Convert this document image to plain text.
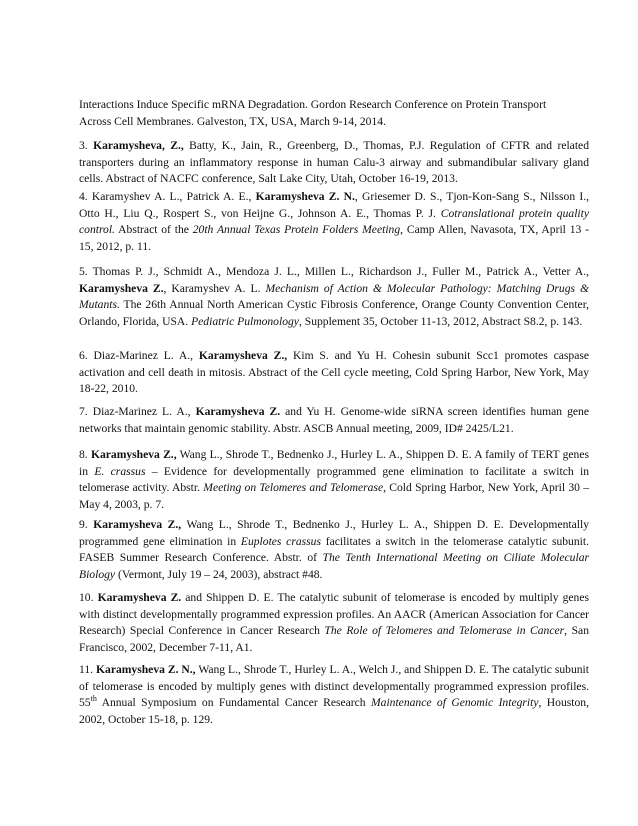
Interactions Induce Specific mRNA Degradation. Gordon Research Conference on Protein Transport
Across Cell Membranes. Galveston, TX, USA, March 9-14, 2014.

3. Karamysheva, Z., Batty, K., Jain, R., Greenberg, D., Thomas, P.J. Regulation of CFTR and related transporters during an inflammatory response in human Calu-3 airway and submandibular salivary gland cells. Abstract of NACFC conference, Salt Lake City, Utah, October 16-19, 2013.

4. Karamyshev A. L., Patrick A. E., Karamysheva Z. N., Griesemer D. S., Tjon-Kon-Sang S., Nilsson I., Otto H., Liu Q., Rospert S., von Heijne G., Johnson A. E., Thomas P. J. Cotranslational protein quality control. Abstract of the 20th Annual Texas Protein Folders Meeting, Camp Allen, Navasota, TX, April 13 - 15, 2012, p. 11.

5. Thomas P. J., Schmidt A., Mendoza J. L., Millen L., Richardson J., Fuller M., Patrick A., Vetter A., Karamysheva Z., Karamyshev A. L. Mechanism of Action & Molecular Pathology: Matching Drugs & Mutants. The 26th Annual North American Cystic Fibrosis Conference, Orange County Convention Center, Orlando, Florida, USA. Pediatric Pulmonology, Supplement 35, October 11-13, 2012, Abstract S8.2, p. 143.

6. Diaz-Marinez L. A., Karamysheva Z., Kim S. and Yu H. Cohesin subunit Scc1 promotes caspase activation and cell death in mitosis. Abstract of the Cell cycle meeting, Cold Spring Harbor, New York, May 18-22, 2010.

7. Diaz-Marinez L. A., Karamysheva Z. and Yu H. Genome-wide siRNA screen identifies human gene networks that maintain genomic stability. Abstr. ASCB Annual meeting, 2009, ID# 2425/L21.

8. Karamysheva Z., Wang L., Shrode T., Bednenko J., Hurley L. A., Shippen D. E. A family of TERT genes in E. crassus – Evidence for developmentally programmed gene elimination to facilitate a switch in telomerase activity. Abstr. Meeting on Telomeres and Telomerase, Cold Spring Harbor, New York, April 30 – May 4, 2003, p. 7.

9. Karamysheva Z., Wang L., Shrode T., Bednenko J., Hurley L. A., Shippen D. E. Developmentally programmed gene elimination in Euplotes crassus facilitates a switch in the telomerase catalytic subunit. FASEB Summer Research Conference. Abstr. of The Tenth International Meeting on Ciliate Molecular Biology (Vermont, July 19 – 24, 2003), abstract #48.

10. Karamysheva Z. and Shippen D. E. The catalytic subunit of telomerase is encoded by multiply genes with distinct developmentally programmed expression profiles. An AACR (American Association for Cancer Research) Special Conference in Cancer Research The Role of Telomeres and Telomerase in Cancer, San Francisco, 2002, December 7-11, A1.

11. Karamysheva Z. N., Wang L., Shrode T., Hurley L. A., Welch J., and Shippen D. E. The catalytic subunit of telomerase is encoded by multiply genes with distinct developmentally programmed expression profiles. 55th Annual Symposium on Fundamental Cancer Research Maintenance of Genomic Integrity, Houston, 2002, October 15-18, p. 129.
